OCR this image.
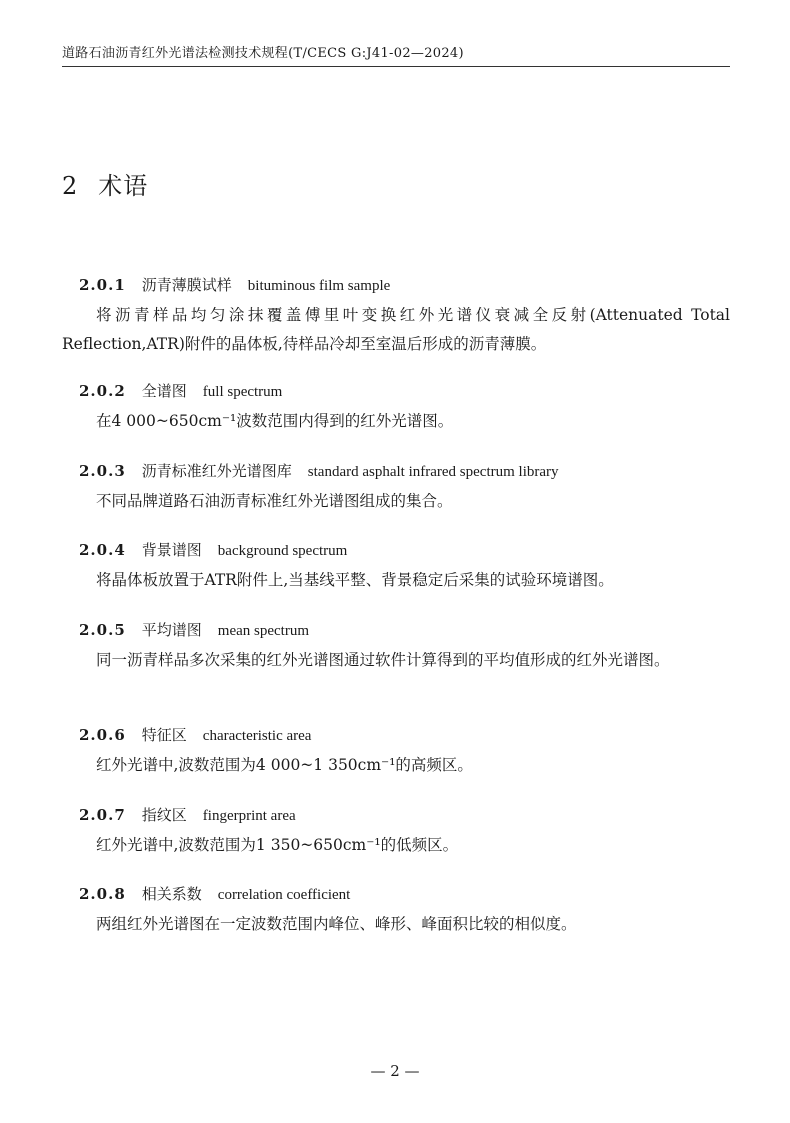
道路石油沥青红外光谱法检测技术规程(T/CECS G:J41-02—2024)
2 术语
2.0.1 沥青薄膜试样 bituminous film sample
将沥青样品均匀涂抹覆盖傅里叶变换红外光谱仪衰减全反射(Attenuated Total Reflection,ATR)附件的晶体板,待样品冷却至室温后形成的沥青薄膜。
2.0.2 全谱图 full spectrum
在4 000~650cm⁻¹波数范围内得到的红外光谱图。
2.0.3 沥青标准红外光谱图库 standard asphalt infrared spectrum library
不同品牌道路石油沥青标准红外光谱图组成的集合。
2.0.4 背景谱图 background spectrum
将晶体板放置于ATR附件上,当基线平整、背景稳定后采集的试验环境谱图。
2.0.5 平均谱图 mean spectrum
同一沥青样品多次采集的红外光谱图通过软件计算得到的平均值形成的红外光谱图。
2.0.6 特征区 characteristic area
红外光谱中,波数范围为4 000~1 350cm⁻¹的高频区。
2.0.7 指纹区 fingerprint area
红外光谱中,波数范围为1 350~650cm⁻¹的低频区。
2.0.8 相关系数 correlation coefficient
两组红外光谱图在一定波数范围内峰位、峰形、峰面积比较的相似度。
— 2 —
